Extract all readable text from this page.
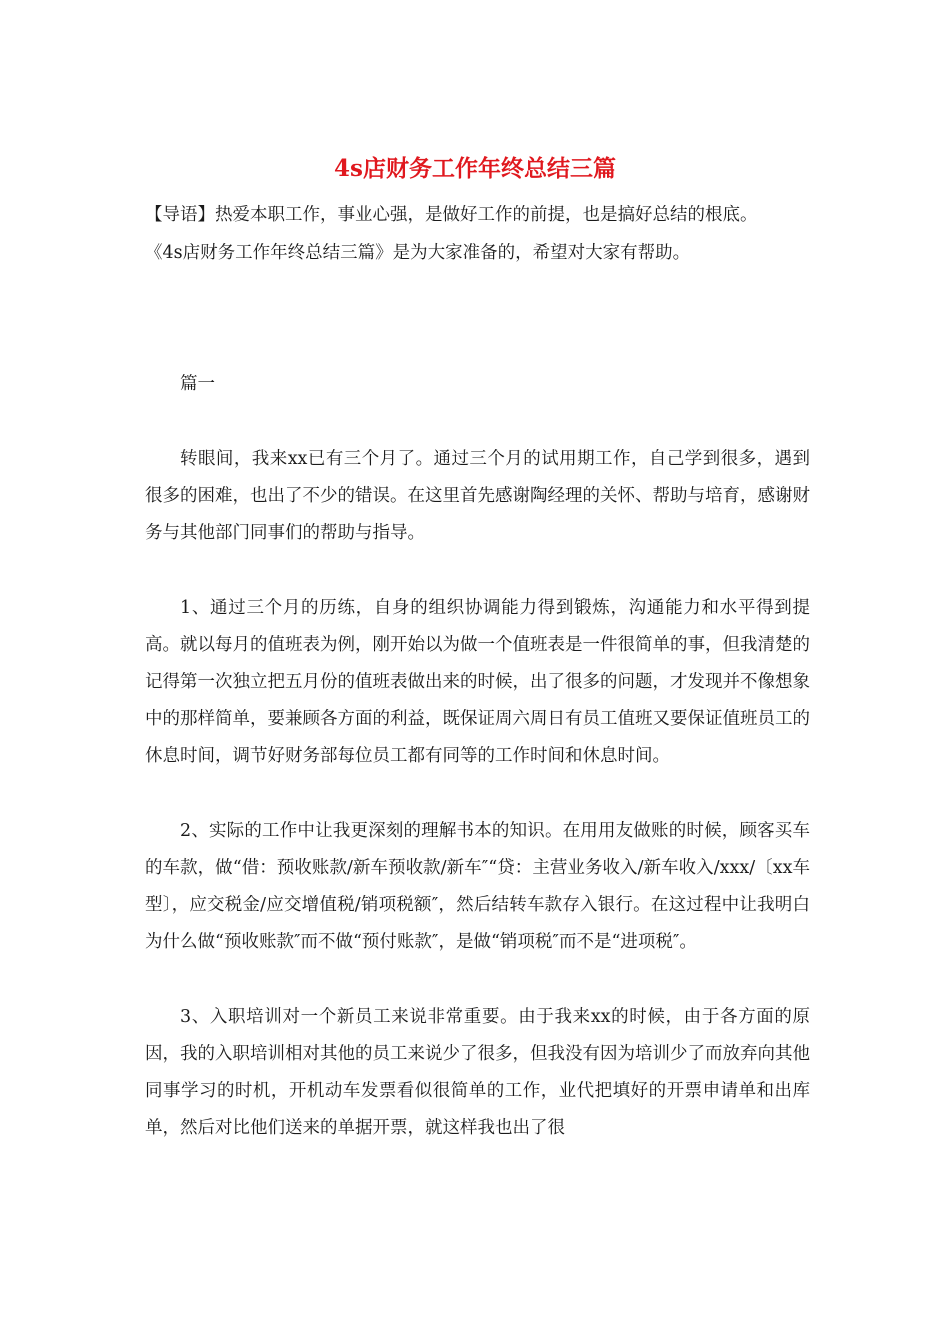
4s店财务工作年终总结三篇

【导语】热爱本职工作，事业心强，是做好工作的前提，也是搞好总结的根底。

《4s店财务工作年终总结三篇》是为大家准备的，希望对大家有帮助。

篇一

转眼间，我来xx已有三个月了。通过三个月的试用期工作，自己学到很多，遇到很多的困难，也出了不少的错误。在这里首先感谢陶经理的关怀、帮助与培育，感谢财务与其他部门同事们的帮助与指导。

1、通过三个月的历练，自身的组织协调能力得到锻炼，沟通能力和水平得到提高。就以每月的值班表为例，刚开始以为做一个值班表是一件很简单的事，但我清楚的记得第一次独立把五月份的值班表做出来的时候，出了很多的问题，才发现并不像想象中的那样简单，要兼顾各方面的利益，既保证周六周日有员工值班又要保证值班员工的休息时间，调节好财务部每位员工都有同等的工作时间和休息时间。

2、实际的工作中让我更深刻的理解书本的知识。在用用友做账的时候，顾客买车的车款，做“借：预收账款/新车预收款/新车″“贷：主营业务收入/新车收入/xxx/〔xx车型〕，应交税金/应交增值税/销项税额″，然后结转车款存入银行。在这过程中让我明白为什么做“预收账款″而不做“预付账款″，是做“销项税″而不是“进项税″。

3、入职培训对一个新员工来说非常重要。由于我来xx的时候，由于各方面的原因，我的入职培训相对其他的员工来说少了很多，但我没有因为培训少了而放弃向其他同事学习的时机，开机动车发票看似很简单的工作，业代把填好的开票申请单和出库单，然后对比他们送来的单据开票，就这样我也出了很
